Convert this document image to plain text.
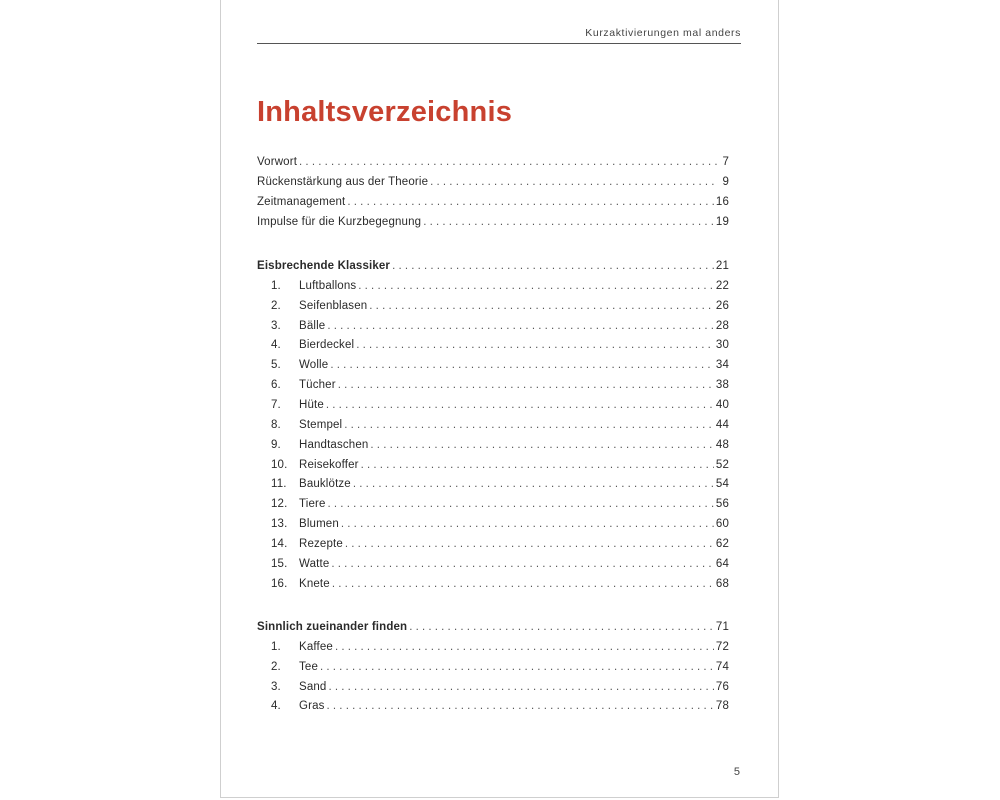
Kurzaktivierungen mal anders
Inhaltsverzeichnis
Vorwort . . .	7
Rückenstärkung aus der Theorie . . .	9
Zeitmanagement . . .	16
Impulse für die Kurzbegegnung . . .	19
Eisbrechende Klassiker . . .	21
1.	Luftballons . . .	22
2.	Seifenblasen . . .	26
3.	Bälle . . .	28
4.	Bierdeckel . . .	30
5.	Wolle . . .	34
6.	Tücher . . .	38
7.	Hüte . . .	40
8.	Stempel . . .	44
9.	Handtaschen . . .	48
10.	Reisekoffer . . .	52
11.	Bauklötze . . .	54
12.	Tiere . . .	56
13.	Blumen . . .	60
14.	Rezepte . . .	62
15.	Watte . . .	64
16.	Knete . . .	68
Sinnlich zueinander finden . . .	71
1.	Kaffee . . .	72
2.	Tee . . .	74
3.	Sand . . .	76
4.	Gras . . .	78
5
